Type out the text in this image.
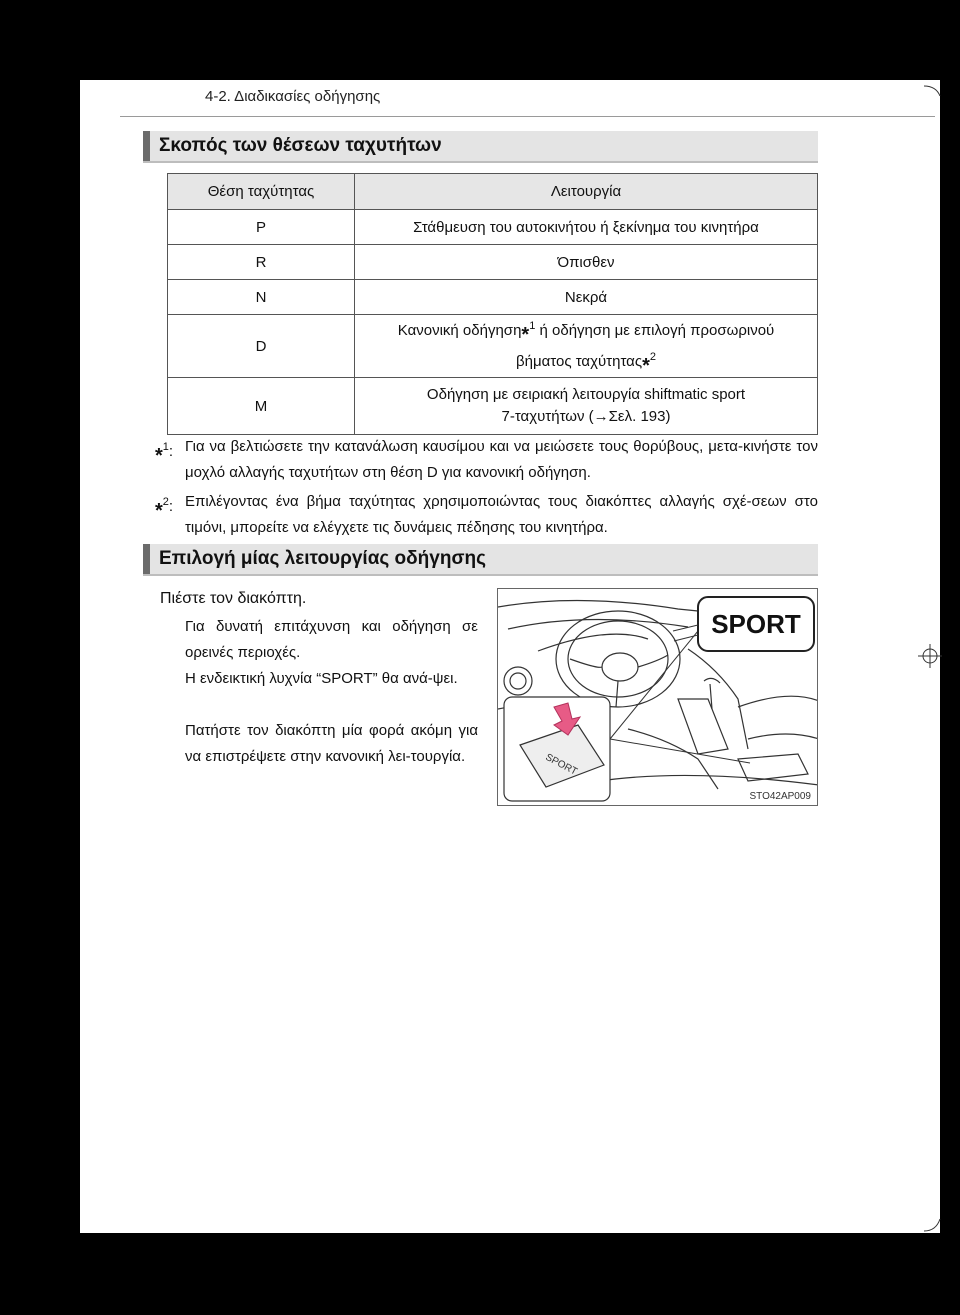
4-2. Διαδικασίες οδήγησης
Σκοπός των θέσεων ταχυτήτων
Θέση ταχύτητας	Λειτουργία
P	Στάθμευση του αυτοκινήτου ή ξεκίνημα του κινητήρα
R	Όπισθεν
N	Νεκρά
D	Κανονική οδήγηση*$^1$ ή οδήγηση με επιλογή προσωρινού
βήματος ταχύτητας*$^2$
M	Οδήγηση με σειριακή λειτουργία shiftmatic sport
7-ταχυτήτων (→Σελ. 193)
*$^1$: Για να βελτιώσετε την κατανάλωση καυσίμου και να μειώσετε τους θορύβους, μετα-κινήστε τον μοχλό αλλαγής ταχυτήτων στη θέση D για κανονική οδήγηση.
*$^2$: Επιλέγοντας ένα βήμα ταχύτητας χρησιμοποιώντας τους διακόπτες αλλαγής σχέ-σεων στο τιμόνι, μπορείτε να ελέγχετε τις δυνάμεις πέδησης του κινητήρα.
Επιλογή μίας λειτουργίας οδήγησης
Πιέστε τον διακόπτη.
Για δυνατή επιτάχυνση και οδήγηση σε ορεινές περιοχές.
Η ενδεικτική λυχνία “SPORT” θα ανά-ψει.
Πατήστε τον διακόπτη μία φορά ακόμη για να επιστρέψετε στην κανονική λει-τουργία.
SPORT
SPORT
STO42AP009
